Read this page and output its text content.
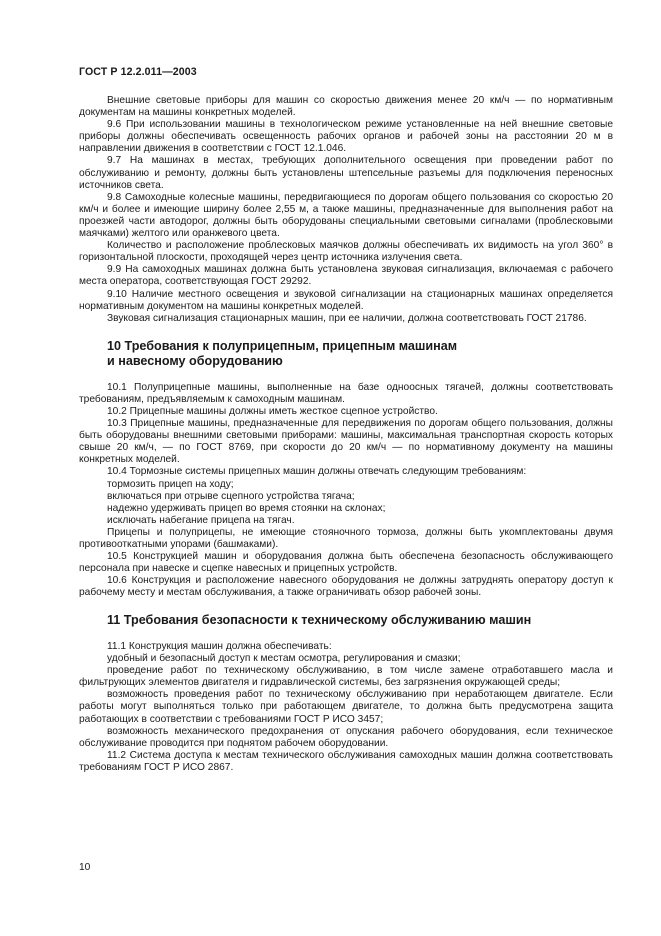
ГОСТ Р 12.2.011—2003

Внешние световые приборы для машин со скоростью движения менее 20 км/ч — по нормативным документам на машины конкретных моделей.

9.6 При использовании машины в технологическом режиме установленные на ней внешние световые приборы должны обеспечивать освещенность рабочих органов и рабочей зоны на расстоянии 20 м в направлении движения в соответствии с ГОСТ 12.1.046.

9.7 На машинах в местах, требующих дополнительного освещения при проведении работ по обслуживанию и ремонту, должны быть установлены штепсельные разъемы для подключения переносных источников света.

9.8 Самоходные колесные машины, передвигающиеся по дорогам общего пользования со скоростью 20 км/ч и более и имеющие ширину более 2,55 м, а также машины, предназначенные для выполнения работ на проезжей части автодорог, должны быть оборудованы специальными световыми сигналами (проблесковыми маячками) желтого или оранжевого цвета.

Количество и расположение проблесковых маячков должны обеспечивать их видимость на угол 360° в горизонтальной плоскости, проходящей через центр источника излучения света.

9.9 На самоходных машинах должна быть установлена звуковая сигнализация, включаемая с рабочего места оператора, соответствующая ГОСТ 29292.

9.10 Наличие местного освещения и звуковой сигнализации на стационарных машинах определяется нормативным документом на машины конкретных моделей.

Звуковая сигнализация стационарных машин, при ее наличии, должна соответствовать ГОСТ 21786.

10 Требования к полуприцепным, прицепным машинам

и навесному оборудованию

10.1 Полуприцепные машины, выполненные на базе одноосных тягачей, должны соответствовать требованиям, предъявляемым к самоходным машинам.

10.2 Прицепные машины должны иметь жесткое сцепное устройство.

10.3 Прицепные машины, предназначенные для передвижения по дорогам общего пользования, должны быть оборудованы внешними световыми приборами: машины, максимальная транспортная скорость которых свыше 20 км/ч, — по ГОСТ 8769, при скорости до 20 км/ч — по нормативному документу на машины конкретных моделей.

10.4 Тормозные системы прицепных машин должны отвечать следующим требованиям:

тормозить прицеп на ходу;

включаться при отрыве сцепного устройства тягача;

надежно удерживать прицеп во время стоянки на склонах;

исключать набегание прицепа на тягач.

Прицепы и полуприцепы, не имеющие стояночного тормоза, должны быть укомплектованы двумя противооткатными упорами (башмаками).

10.5 Конструкцией машин и оборудования должна быть обеспечена безопасность обслуживающего персонала при навеске и сцепке навесных и прицепных устройств.

10.6 Конструкция и расположение навесного оборудования не должны затруднять оператору доступ к рабочему месту и местам обслуживания, а также ограничивать обзор рабочей зоны.

11 Требования безопасности к техническому обслуживанию машин

11.1 Конструкция машин должна обеспечивать:

удобный и безопасный доступ к местам осмотра, регулирования и смазки;

проведение работ по техническому обслуживанию, в том числе замене отработавшего масла и фильтрующих элементов двигателя и гидравлической системы, без загрязнения окружающей среды;

возможность проведения работ по техническому обслуживанию при неработающем двигателе. Если работы могут выполняться только при работающем двигателе, то должна быть предусмотрена защита работающих в соответствии с требованиями ГОСТ Р ИСО 3457;

возможность механического предохранения от опускания рабочего оборудования, если техническое обслуживание проводится при поднятом рабочем оборудовании.

11.2 Система доступа к местам технического обслуживания самоходных машин должна соответствовать требованиям ГОСТ Р ИСО 2867.

10
